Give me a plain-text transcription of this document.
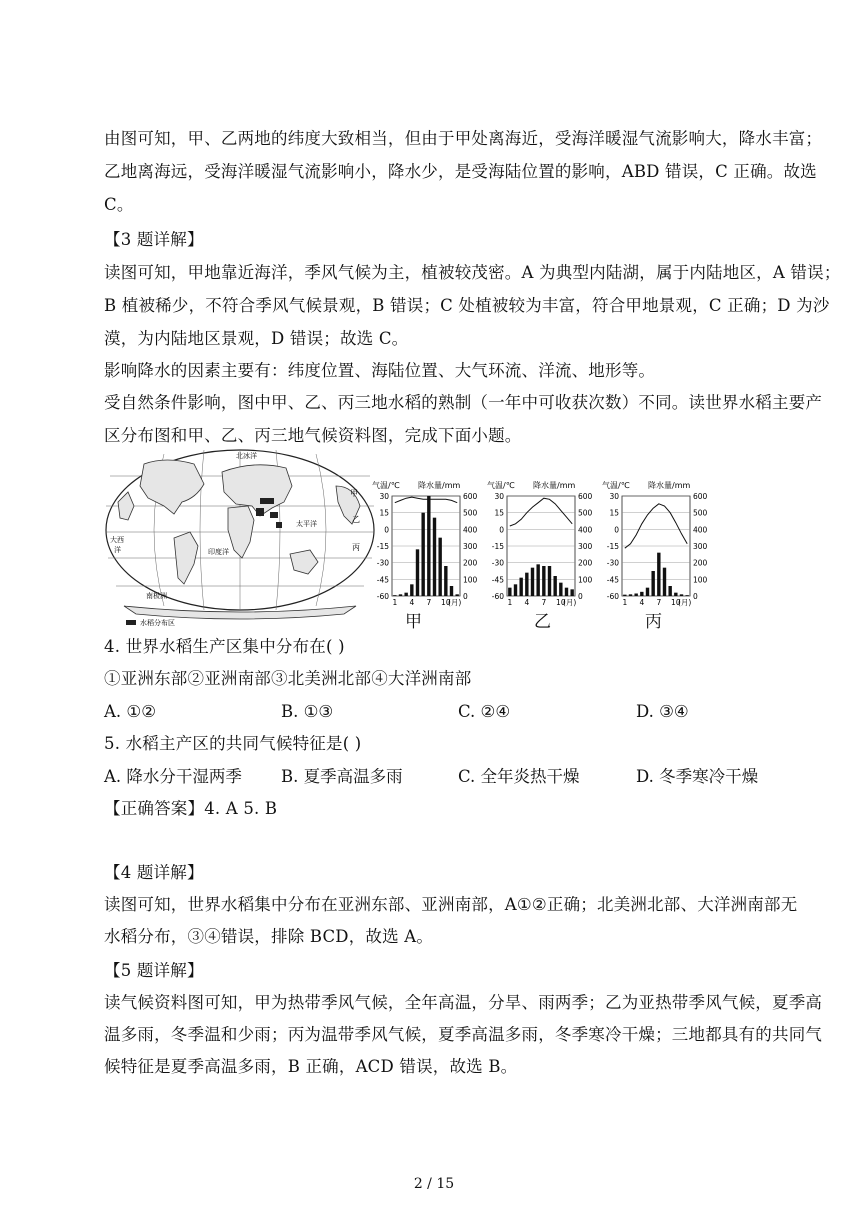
由图可知，甲、乙两地的纬度大致相当，但由于甲处离海近，受海洋暖湿气流影响大，降水丰富；
乙地离海远，受海洋暖湿气流影响小，降水少，是受海陆位置的影响，ABD 错误，C 正确。故选
C。
【3 题详解】
读图可知，甲地靠近海洋，季风气候为主，植被较茂密。A 为典型内陆湖，属于内陆地区，A 错误；
B 植被稀少，不符合季风气候景观，B 错误；C 处植被较为丰富，符合甲地景观，C 正确；D 为沙
漠，为内陆地区景观，D 错误；故选 C。
影响降水的因素主要有：纬度位置、海陆位置、大气环流、洋流、地形等。
受自然条件影响，图中甲、乙、丙三地水稻的熟制（一年中可收获次数）不同。读世界水稻主要产
区分布图和甲、乙、丙三地气候资料图，完成下面小题。
北冰洋
太平洋
印度洋
大西
洋
南极洲
甲
乙
丙
水稻分布区
气温/℃ 降水量/mm
30	600
15	500
0	400
-15	300
-30	200
-45	100
-60	0
1 4 7 10
(月)
气温/℃ 降水量/mm
30	600
15	500
0	400
-15	300
-30	200
-45	100
-60	0
1 4 7 10
(月)
气温/℃ 降水量/mm
30	600
15	500
0	400
-15	300
-30	200
-45	100
-60	0
1 4 7 10
(月)
甲	乙	丙
4. 世界水稻生产区集中分布在( )
①亚洲东部②亚洲南部③北美洲北部④大洋洲南部
A. ①②	B. ①③	C. ②④	D. ③④
5. 水稻主产区的共同气候特征是( )
A. 降水分干湿两季 B. 夏季高温多雨	C. 全年炎热干燥	D. 冬季寒冷干燥
【正确答案】4. A 5. B
【4 题详解】
读图可知，世界水稻集中分布在亚洲东部、亚洲南部，A①②正确；北美洲北部、大洋洲南部无
水稻分布，③④错误，排除 BCD，故选 A。
【5 题详解】
读气候资料图可知，甲为热带季风气候，全年高温，分旱、雨两季；乙为亚热带季风气候，夏季高
温多雨，冬季温和少雨；丙为温带季风气候，夏季高温多雨，冬季寒冷干燥；三地都具有的共同气
候特征是夏季高温多雨，B 正确，ACD 错误，故选 B。
2 / 15
